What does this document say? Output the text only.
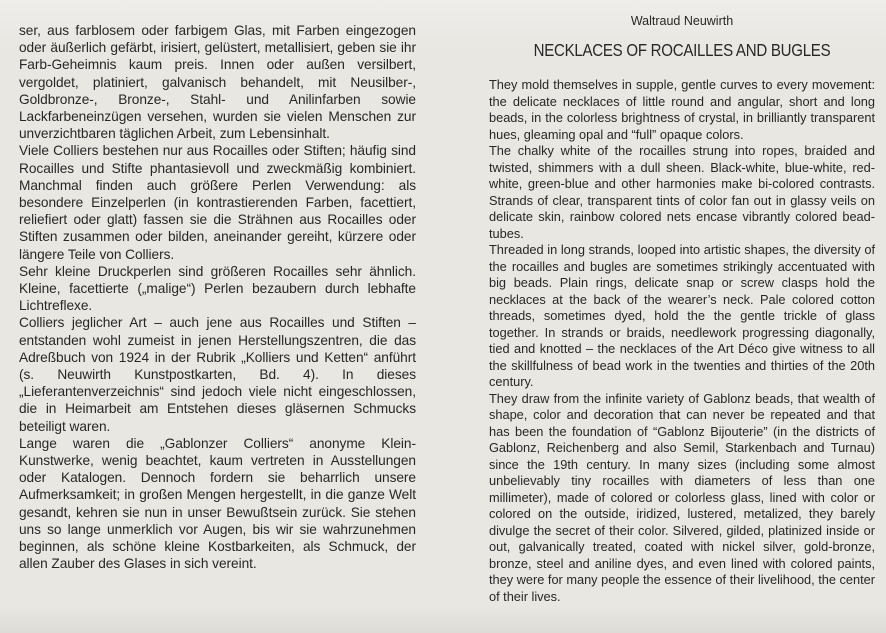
ser, aus farblosem oder farbigem Glas, mit Farben eingezogen oder äußerlich gefärbt, irisiert, gelüstert, metallisiert, geben sie ihr Farb-Geheimnis kaum preis. Innen oder außen versilbert, vergoldet, platiniert, galvanisch behandelt, mit Neusilber-, Goldbronze-, Bronze-, Stahl- und Anilinfarben sowie Lackfarbeneinzügen versehen, wurden sie vielen Menschen zur unverzichtbaren täglichen Arbeit, zum Lebensinhalt.

Viele Colliers bestehen nur aus Rocailles oder Stiften; häufig sind Rocailles und Stifte phantasievoll und zweckmäßig kombiniert. Manchmal finden auch größere Perlen Verwendung: als besondere Einzelperlen (in kontrastierenden Farben, facettiert, reliefiert oder glatt) fassen sie die Strähnen aus Rocailles oder Stiften zusammen oder bilden, aneinander gereiht, kürzere oder längere Teile von Colliers.

Sehr kleine Druckperlen sind größeren Rocailles sehr ähnlich. Kleine, facettierte („malige“) Perlen bezaubern durch lebhafte Lichtreflexe.

Colliers jeglicher Art – auch jene aus Rocailles und Stiften – entstanden wohl zumeist in jenen Herstellungszentren, die das Adreßbuch von 1924 in der Rubrik „Kolliers und Ketten“ anführt (s. Neuwirth Kunstpostkarten, Bd. 4). In dieses „Lieferantenverzeichnis“ sind jedoch viele nicht eingeschlossen, die in Heimarbeit am Entstehen dieses gläsernen Schmucks beteiligt waren.

Lange waren die „Gablonzer Colliers“ anonyme Klein-Kunstwerke, wenig beachtet, kaum vertreten in Ausstellungen oder Katalogen. Dennoch fordern sie beharrlich unsere Aufmerksamkeit; in großen Mengen hergestellt, in die ganze Welt gesandt, kehren sie nun in unser Bewußtsein zurück. Sie stehen uns so lange unmerklich vor Augen, bis wir sie wahrzunehmen beginnen, als schöne kleine Kostbarkeiten, als Schmuck, der allen Zauber des Glases in sich vereint.

Waltraud Neuwirth
NECKLACES OF ROCAILLES AND BUGLES

They mold themselves in supple, gentle curves to every movement: the delicate necklaces of little round and angular, short and long beads, in the colorless brightness of crystal, in brilliantly transparent hues, gleaming opal and “full” opaque colors.

The chalky white of the rocailles strung into ropes, braided and twisted, shimmers with a dull sheen. Black-white, blue-white, red-white, green-blue and other harmonies make bi-colored contrasts. Strands of clear, transparent tints of color fan out in glassy veils on delicate skin, rainbow colored nets encase vibrantly colored bead-tubes.

Threaded in long strands, looped into artistic shapes, the diversity of the rocailles and bugles are sometimes strikingly accentuated with big beads. Plain rings, delicate snap or screw clasps hold the necklaces at the back of the wearer’s neck. Pale colored cotton threads, sometimes dyed, hold the the gentle trickle of glass together. In strands or braids, needlework progressing diagonally, tied and knotted – the necklaces of the Art Déco give witness to all the skillfulness of bead work in the twenties and thirties of the 20th century.

They draw from the infinite variety of Gablonz beads, that wealth of shape, color and decoration that can never be repeated and that has been the foundation of “Gablonz Bijouterie” (in the districts of Gablonz, Reichenberg and also Semil, Starkenbach and Turnau) since the 19th century. In many sizes (including some almost unbelievably tiny rocailles with diameters of less than one millimeter), made of colored or colorless glass, lined with color or colored on the outside, iridized, lustered, metalized, they barely divulge the secret of their color. Silvered, gilded, platinized inside or out, galvanically treated, coated with nickel silver, gold-bronze, bronze, steel and aniline dyes, and even lined with colored paints, they were for many people the essence of their livelihood, the center of their lives.
